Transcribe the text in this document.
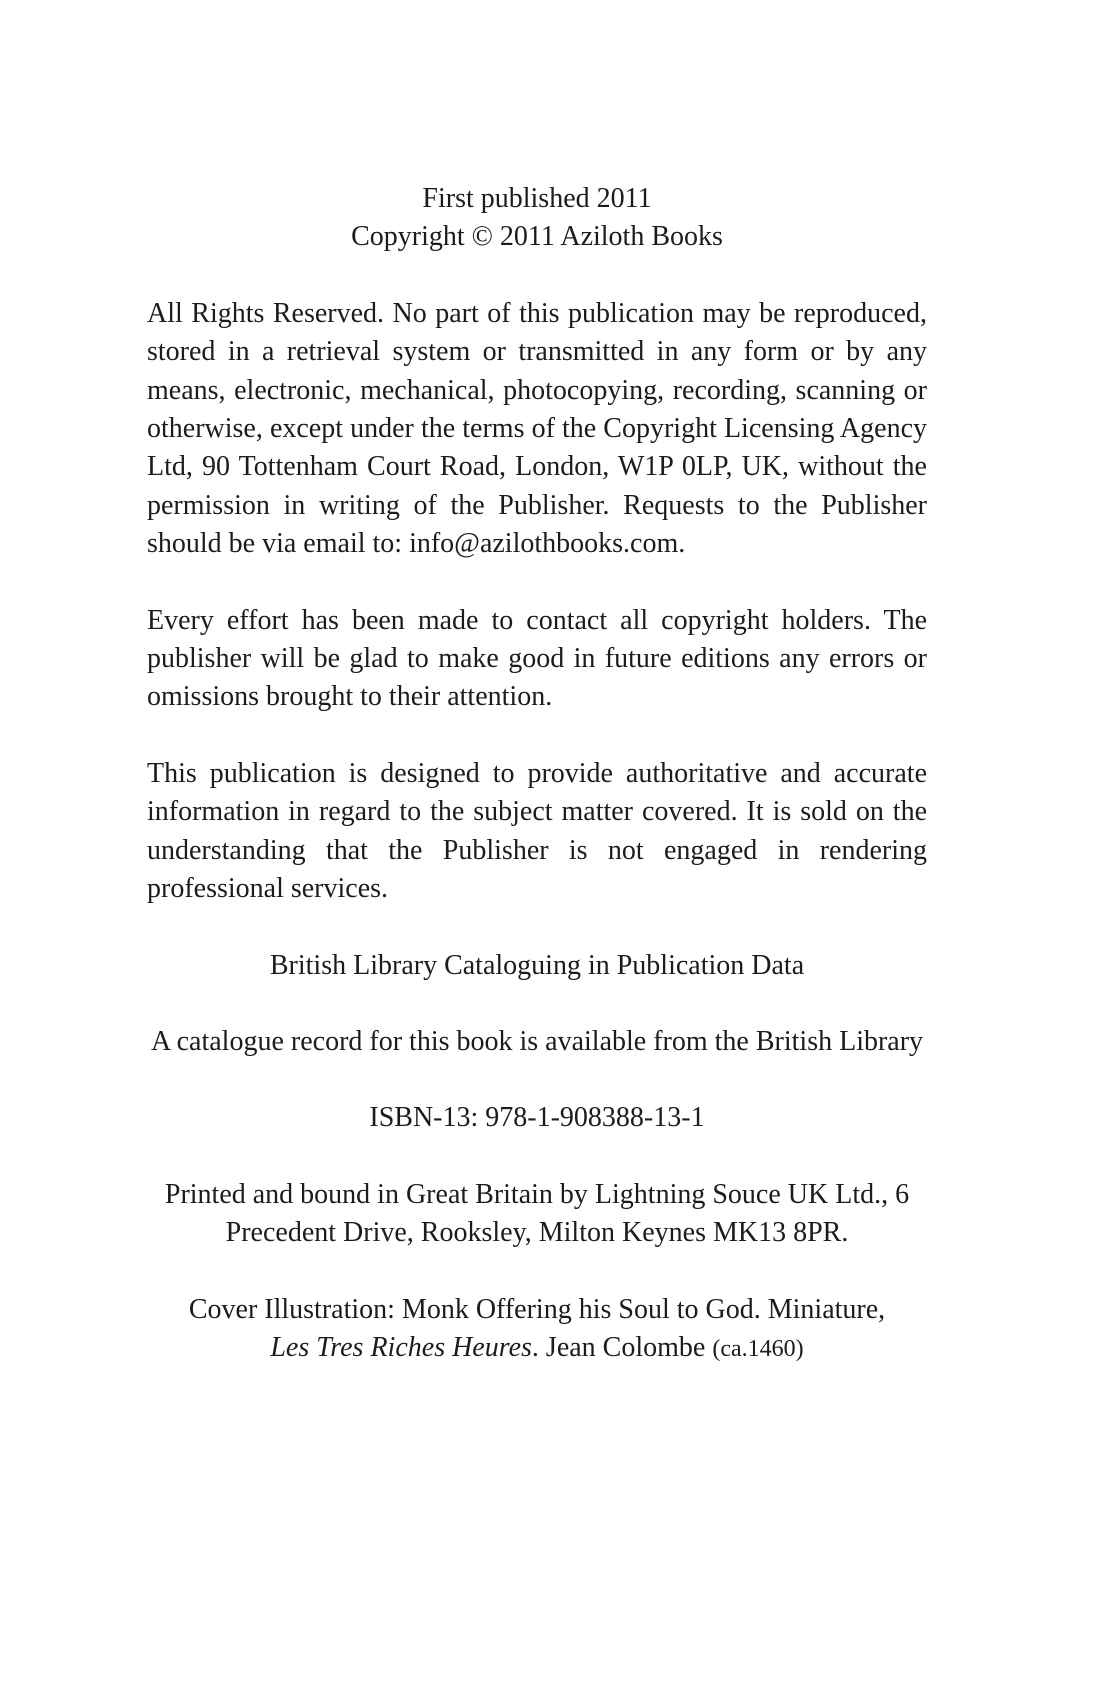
First published 2011
Copyright © 2011 Aziloth Books

All Rights Reserved. No part of this publication may be reproduced, stored in a retrieval system or transmitted in any form or by any means, electronic, mechanical, photocopying, recording, scanning or otherwise, except under the terms of the Copyright Licensing Agency Ltd, 90 Tottenham Court Road, London, W1P 0LP, UK, without the permission in writing of the Publisher. Requests to the Publisher should be via email to: info@azilothbooks.com.

Every effort has been made to contact all copyright holders. The publisher will be glad to make good in future editions any errors or omissions brought to their attention.

This publication is designed to provide authoritative and accurate information in regard to the subject matter covered. It is sold on the understanding that the Publisher is not engaged in rendering professional services.

British Library Cataloguing in Publication Data

A catalogue record for this book is available from the British Library

ISBN-13: 978-1-908388-13-1

Printed and bound in Great Britain by Lightning Souce UK Ltd., 6 Precedent Drive, Rooksley, Milton Keynes MK13 8PR.

Cover Illustration: Monk Offering his Soul to God. Miniature,
Les Tres Riches Heures. Jean Colombe (ca.1460)
